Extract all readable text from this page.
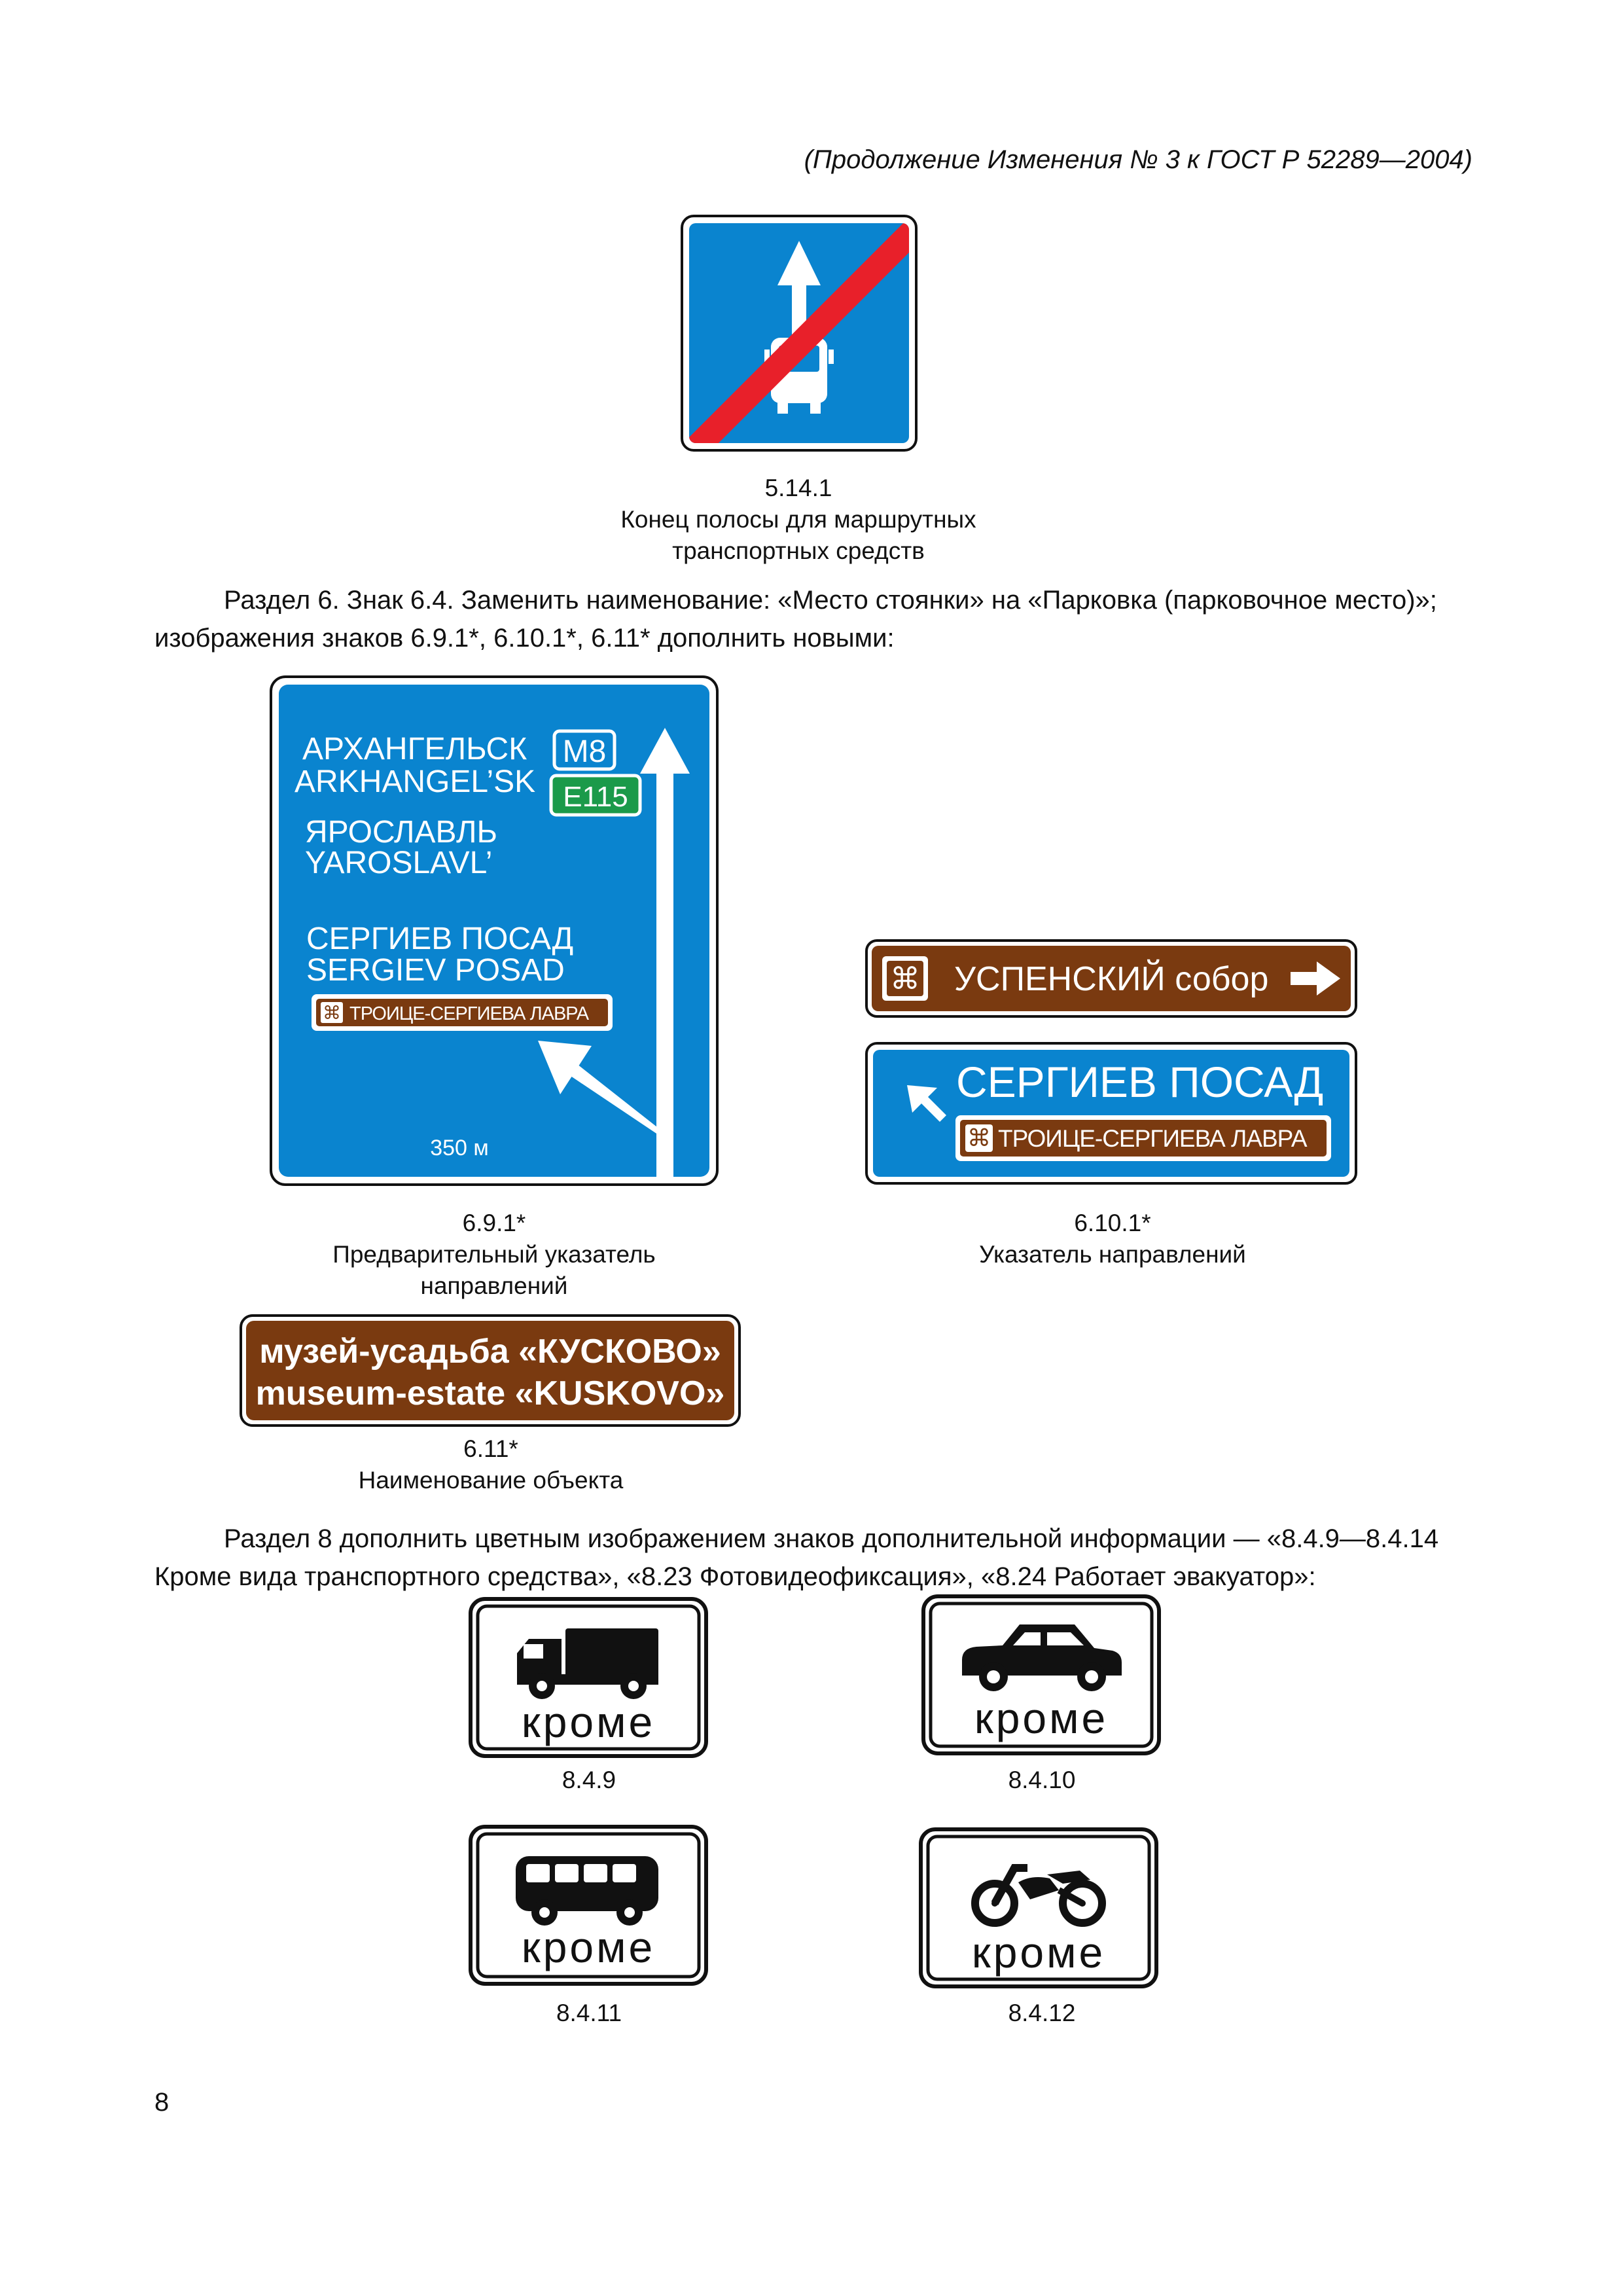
(Продолжение Изменения № 3 к ГОСТ Р 52289—2004)
5.14.1
Конец полосы для маршрутных
транспортных средств
Раздел 6. Знак 6.4. Заменить наименование: «Место стоянки» на «Парковка (парковочное место)»;
изображения знаков 6.9.1*, 6.10.1*, 6.11* дополнить новыми:
M8
E115
АРХАНГЕЛЬСК
ARKHANGEL’SK
ЯРОСЛАВЛЬ
YAROSLAVL’
СЕРГИЕВ ПОСАД
SERGIEV POSAD
⌘ ТРОИЦЕ-СЕРГИЕВА ЛАВРА
350 м
6.9.1*
Предварительный указатель
направлений
⌘ УСПЕНСКИЙ собор
СЕРГИЕВ ПОСАД
⌘ ТРОИЦЕ-СЕРГИЕВА ЛАВРА
6.10.1*
Указатель направлений
музей-усадьба «КУСКОВО»
museum-estate «KUSKOVO»
6.11*
Наименование объекта
Раздел 8 дополнить цветным изображением знаков дополнительной информации — «8.4.9—8.4.14
Кроме вида транспортного средства», «8.23 Фотовидеофиксация», «8.24 Работает эвакуатор»:
кроме
8.4.9
кроме
8.4.10
кроме
8.4.11
кроме
8.4.12
8
